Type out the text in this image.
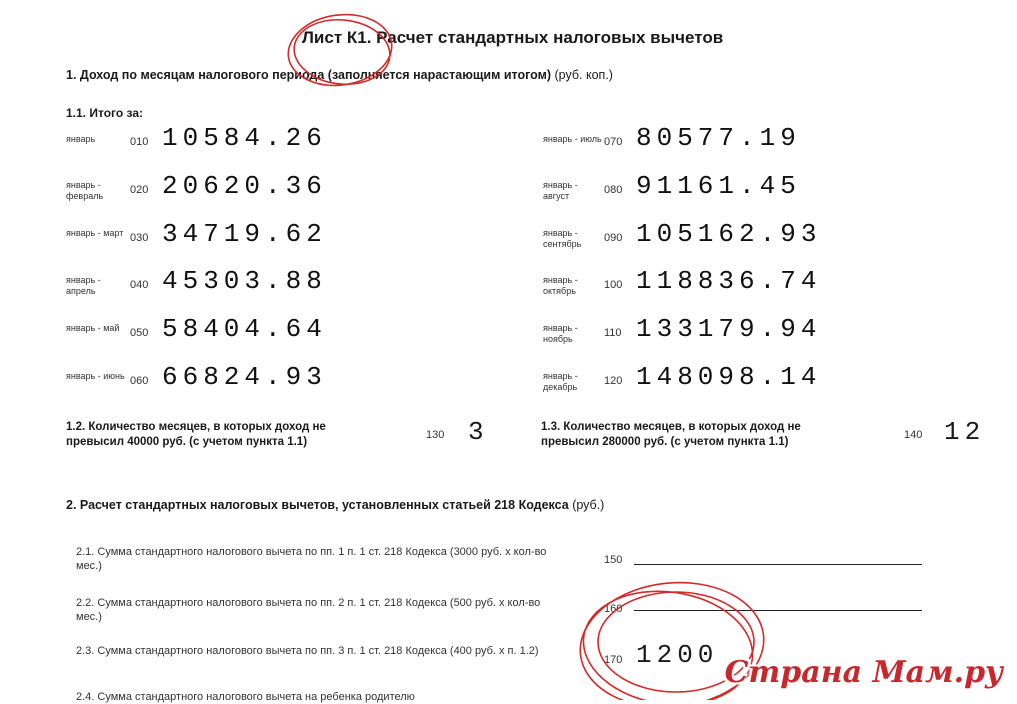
Лист К1. Расчет стандартных налоговых вычетов
1. Доход по месяцам налогового периода (заполняется нарастающим итогом) (руб. коп.)
1.1. Итого за:
январь	010 10584.26
январь - февраль	020 20620.36
январь - март 030 34719.62
январь - апрель	040 45303.88
январь - май 050 58404.64
январь - июнь 060 66824.93
январь - июль 070 80577.19
январь - август	080 91161.45
январь - сентябрь	090 105162.93
январь - октябрь	100 118836.74
январь - ноябрь	110 133179.94
январь - декабрь	120 148098.14
1.2. Количество месяцев, в которых доход не превысил 40000 руб. (с учетом пункта 1.1)
130 3	1.3. Количество месяцев, в которых доход не превысил 280000 руб. (с учетом пункта 1.1)
140 12
2. Расчет стандартных налоговых вычетов, установленных статьей 218 Кодекса (руб.)
2.1. Сумма стандартного налогового вычета по пп. 1 п. 1 ст. 218 Кодекса (3000 руб. х кол-во мес.)	150
2.2. Сумма стандартного налогового вычета по пп. 2 п. 1 ст. 218 Кодекса (500 руб. х кол-во мес.)
160
2.3. Сумма стандартного налогового вычета по пп. 3 п. 1 ст. 218 Кодекса (400 руб. х п. 1.2)
170 1200
2.4. Сумма стандартного налогового вычета на ребенка родителю
Страна Мам.ру
